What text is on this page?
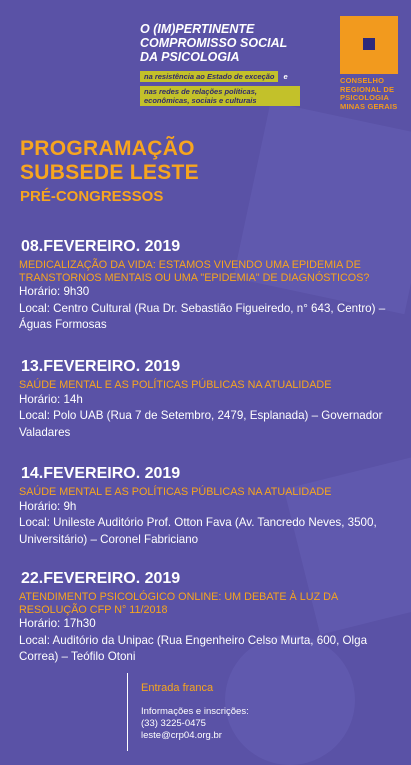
O (IM)PERTINENTE
COMPROMISSO SOCIAL
DA PSICOLOGIA
na resistência ao Estado de exceção e
nas redes de relações políticas, econômicas, sociais e culturais
CONSELHO
REGIONAL DE
PSICOLOGIA
MINAS GERAIS
PROGRAMAÇÃO
SUBSEDE LESTE
PRÉ-CONGRESSOS
08.FEVEREIRO. 2019
MEDICALIZAÇÃO DA VIDA: ESTAMOS VIVENDO UMA EPIDEMIA DE TRANSTORNOS MENTAIS OU UMA "EPIDEMIA" DE DIAGNÓSTICOS?
Horário: 9h30
Local: Centro Cultural (Rua Dr. Sebastião Figueiredo, n° 643, Centro) – Águas Formosas
13.FEVEREIRO. 2019
SAÚDE MENTAL E AS POLÍTICAS PÚBLICAS NA ATUALIDADE
Horário: 14h
Local: Polo UAB (Rua 7 de Setembro, 2479, Esplanada) – Governador Valadares
14.FEVEREIRO. 2019
SAÚDE MENTAL E AS POLÍTICAS PÚBLICAS NA ATUALIDADE
Horário: 9h
Local: Unileste Auditório Prof. Otton Fava (Av. Tancredo Neves, 3500, Universitário) – Coronel Fabriciano
22.FEVEREIRO. 2019
ATENDIMENTO PSICOLÓGICO ONLINE: UM DEBATE À LUZ DA RESOLUÇÃO CFP N° 11/2018
Horário: 17h30
Local: Auditório da Unipac (Rua Engenheiro Celso Murta, 600, Olga Correa) – Teófilo Otoni
Entrada franca
Informações e inscrições:
(33) 3225-0475
leste@crp04.org.br
